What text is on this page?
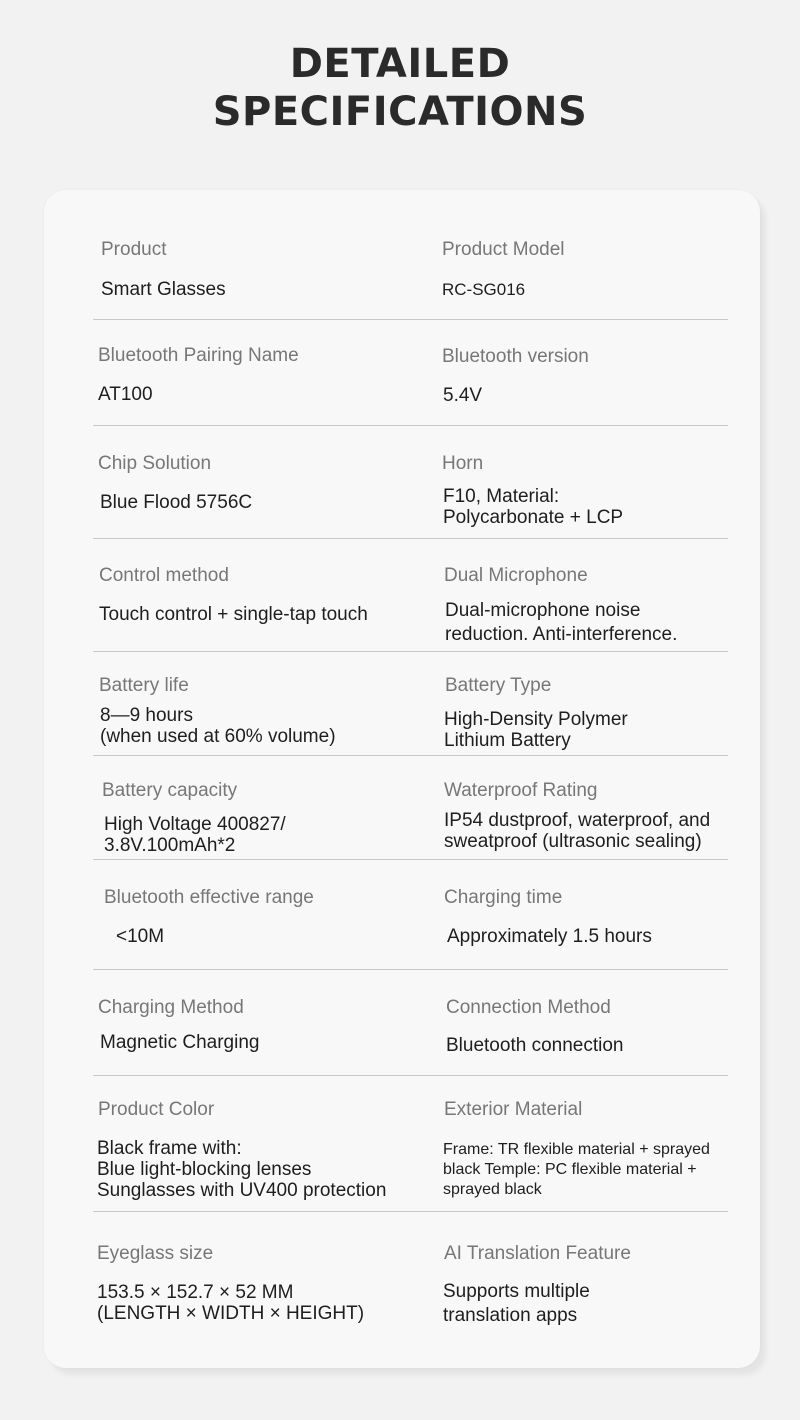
DETAILED
SPECIFICATIONS
Product
Smart Glasses
Product Model
RC-SG016
Bluetooth Pairing Name
AT100
Bluetooth version
5.4V
Chip Solution
Blue Flood 5756C
Horn
F10, Material:
Polycarbonate + LCP
Control method
Touch control + single-tap touch
Dual Microphone
Dual-microphone noise
reduction. Anti-interference.
Battery life
8—9 hours
(when used at 60% volume)
Battery Type
High-Density Polymer
Lithium Battery
Battery capacity
High Voltage 400827/
3.8V.100mAh*2
Waterproof Rating
IP54 dustproof, waterproof, and
sweatproof (ultrasonic sealing)
Bluetooth effective range
<10M
Charging time
Approximately 1.5 hours
Charging Method
Magnetic Charging
Connection Method
Bluetooth connection
Product Color
Black frame with:
Blue light-blocking lenses
Sunglasses with UV400 protection
Exterior Material
Frame: TR flexible material + sprayed
black Temple: PC flexible material +
sprayed black
Eyeglass size
153.5 × 152.7 × 52 MM
(LENGTH × WIDTH × HEIGHT)
AI Translation Feature
Supports multiple
translation apps
